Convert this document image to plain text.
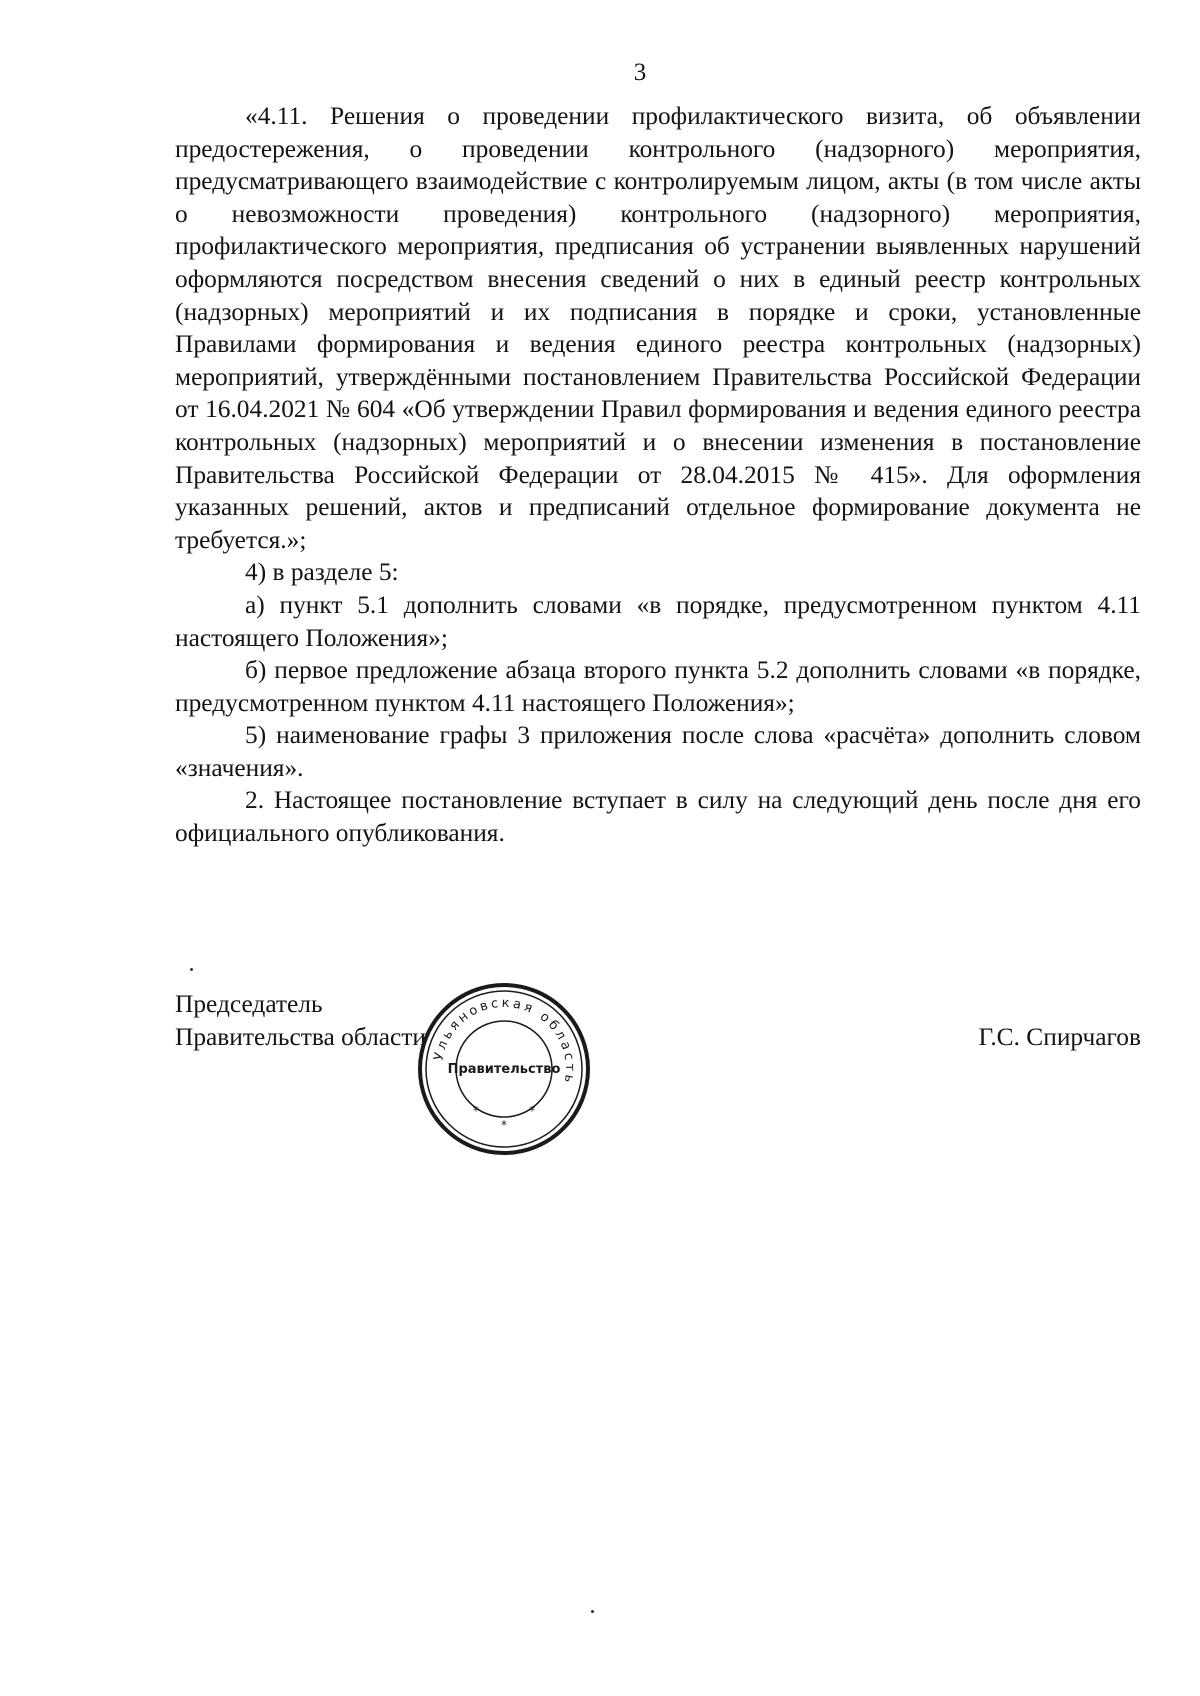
3

«4.11. Решения о проведении профилактического визита, об объявлении предостережения, о проведении контрольного (надзорного) мероприятия, предусматривающего взаимодействие с контролируемым лицом, акты (в том числе акты о невозможности проведения) контрольного (надзорного) мероприятия, профилактического мероприятия, предписания об устранении выявленных нарушений оформляются посредством внесения сведений о них в единый реестр контрольных (надзорных) мероприятий и их подписания в порядке и сроки, установленные Правилами формирования и ведения единого реестра контрольных (надзорных) мероприятий, утверждёнными постановлением Правительства Российской Федерации от 16.04.2021 № 604 «Об утверждении Правил формирования и ведения единого реестра контрольных (надзорных) мероприятий и о внесении изменения в постановление Правительства Российской Федерации от 28.04.2015 № 415». Для оформления указанных решений, актов и предписаний отдельное формирование документа не требуется.»;

4) в разделе 5:

а) пункт 5.1 дополнить словами «в порядке, предусмотренном пунктом 4.11 настоящего Положения»;

б) первое предложение абзаца второго пункта 5.2 дополнить словами «в порядке, предусмотренном пунктом 4.11 настоящего Положения»;

5) наименование графы 3 приложения после слова «расчёта» дополнить словом «значения».

2. Настоящее постановление вступает в силу на следующий день после дня его официального опубликования.

Председатель
Правительства области
Ульяновская область
Правительство
*
*
*
Г.С. Спирчагов
